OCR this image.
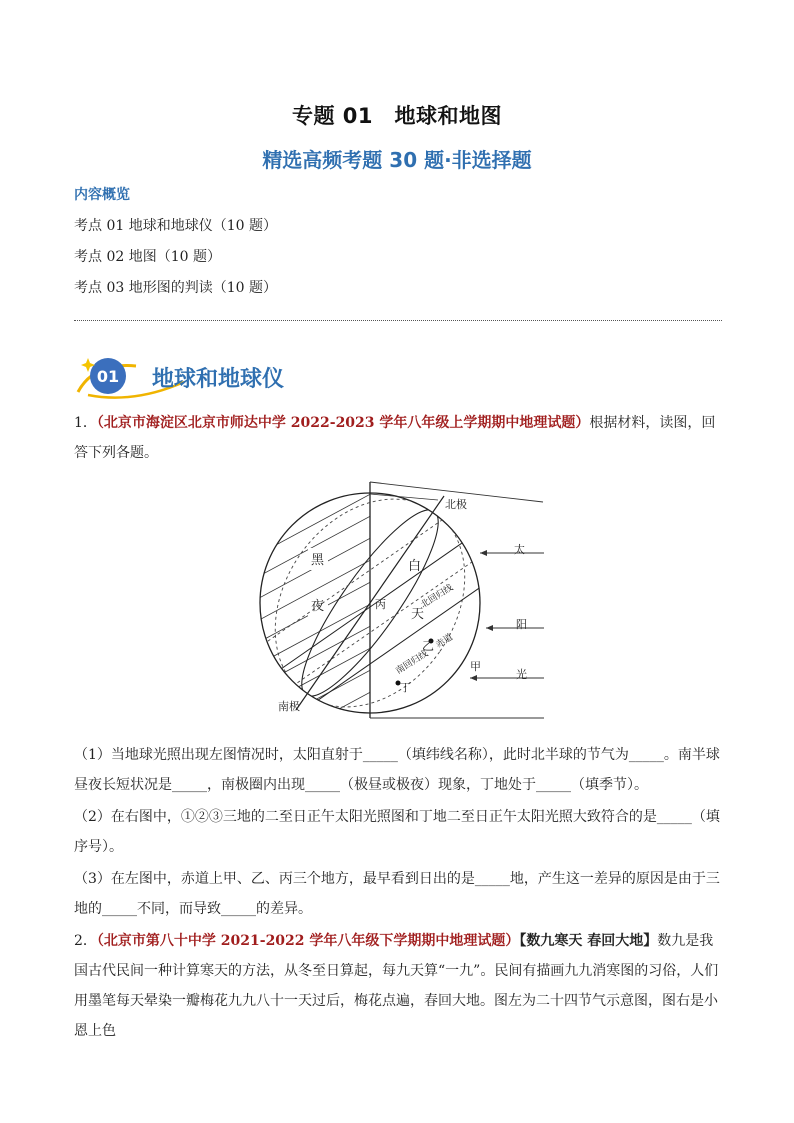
专题 01　地球和地图
精选高频考题 30 题·非选择题
内容概览
考点 01 地球和地球仪（10 题）
考点 02 地图（10 题）
考点 03 地形图的判读（10 题）
01 地球和地球仪
1．（北京市海淀区北京市师达中学 2022-2023 学年八年级上学期期中地理试题）根据材料，读图，回答下列各题。
北极
南极
黑
夜
白
天
丙
乙
甲
丁
北回归线
赤道
南回归线
太
阳
光
（1）当地球光照出现左图情况时，太阳直射于_____（填纬线名称），此时北半球的节气为_____。南半球昼夜长短状况是_____，南极圈内出现_____（极昼或极夜）现象，丁地处于_____（填季节）。
（2）在右图中，①②③三地的二至日正午太阳光照图和丁地二至日正午太阳光照大致符合的是_____（填序号）。
（3）在左图中，赤道上甲、乙、丙三个地方，最早看到日出的是_____地，产生这一差异的原因是由于三地的_____不同，而导致_____的差异。
2．（北京市第八十中学 2021-2022 学年八年级下学期期中地理试题）【数九寒天 春回大地】数九是我国古代民间一种计算寒天的方法，从冬至日算起，每九天算“一九”。民间有描画九九消寒图的习俗，人们用墨笔每天晕染一瓣梅花九九八十一天过后，梅花点遍，春回大地。图左为二十四节气示意图，图右是小恩上色
